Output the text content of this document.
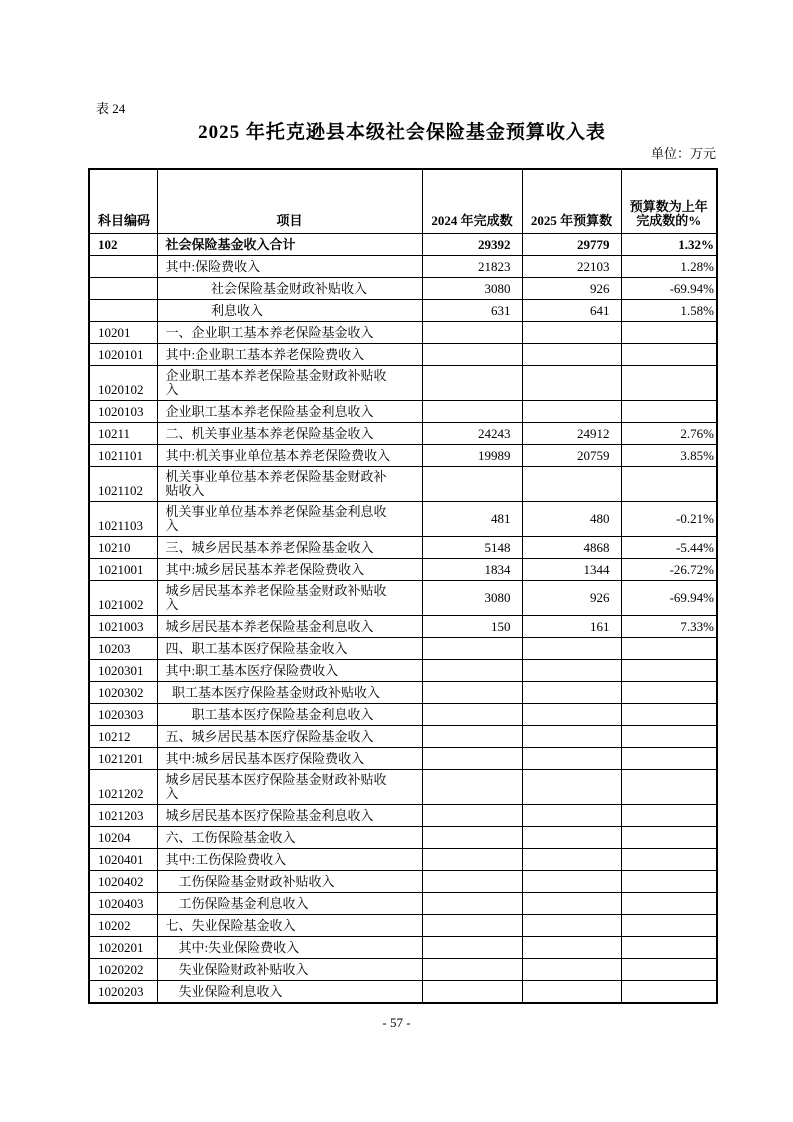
表 24
2025 年托克逊县本级社会保险基金预算收入表
单位：万元
科目编码	项目	2024 年完成数	2025 年预算数	预算数为上年完成数的%
102	社会保险基金收入合计	29392	29779	1.32%
	其中:保险费收入	21823	22103	1.28%
	社会保险基金财政补贴收入	3080	926	-69.94%
	利息收入	631	641	1.58%
10201	一、企业职工基本养老保险基金收入			
1020101	其中:企业职工基本养老保险费收入			
1020102	企业职工基本养老保险基金财政补贴收入			
1020103	企业职工基本养老保险基金利息收入			
10211	二、机关事业基本养老保险基金收入	24243	24912	2.76%
1021101	其中:机关事业单位基本养老保险费收入	19989	20759	3.85%
1021102	机关事业单位基本养老保险基金财政补贴收入			
1021103	机关事业单位基本养老保险基金利息收入	481	480	-0.21%
10210	三、城乡居民基本养老保险基金收入	5148	4868	-5.44%
1021001	其中:城乡居民基本养老保险费收入	1834	1344	-26.72%
1021002	城乡居民基本养老保险基金财政补贴收入	3080	926	-69.94%
1021003	城乡居民基本养老保险基金利息收入	150	161	7.33%
10203	四、职工基本医疗保险基金收入			
1020301	其中:职工基本医疗保险费收入			
1020302	职工基本医疗保险基金财政补贴收入			
1020303	职工基本医疗保险基金利息收入			
10212	五、城乡居民基本医疗保险基金收入			
1021201	其中:城乡居民基本医疗保险费收入			
1021202	城乡居民基本医疗保险基金财政补贴收入			
1021203	城乡居民基本医疗保险基金利息收入			
10204	六、工伤保险基金收入			
1020401	其中:工伤保险费收入			
1020402	工伤保险基金财政补贴收入			
1020403	工伤保险基金利息收入			
10202	七、失业保险基金收入			
1020201	其中:失业保险费收入			
1020202	失业保险财政补贴收入			
1020203	失业保险利息收入			
- 57 -
